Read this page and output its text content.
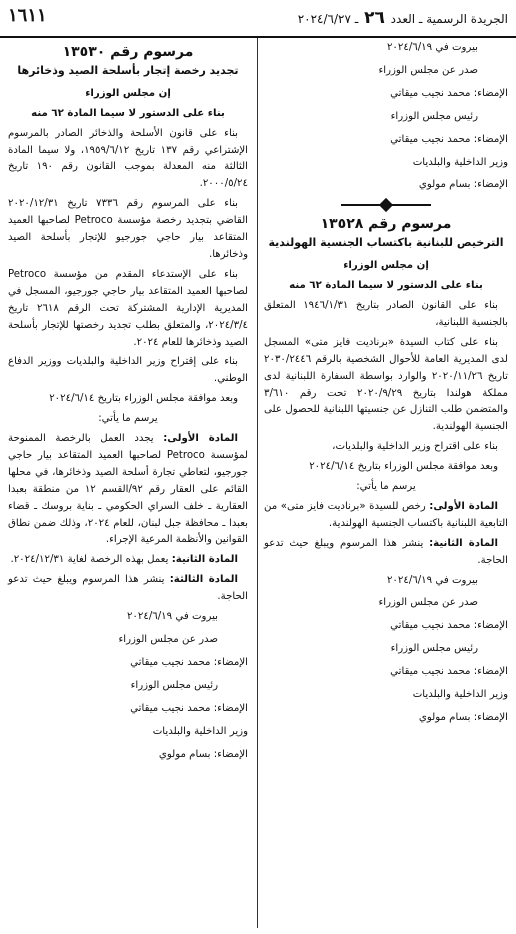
الجريدة الرسمية ـ العدد ٢٦ ـ ٢٠٢٤/٦/٢٧
١٦١١

بيروت في ٢٠٢٤/٦/١٩

صدر عن مجلس الوزراء

الإمضاء: محمد نجيب ميقاتي

رئيس مجلس الوزراء

الإمضاء: محمد نجيب ميقاتي

وزير الداخلية والبلديات

الإمضاء: بسام مولوي

مرسوم رقم ١٣٥٢٨
الترخيص للبنانية باكتساب الجنسية الهولندية

إن مجلس الوزراء

بناء على الدستور لا سيما المادة ٦٢ منه

بناء على القانون الصادر بتاريخ ١٩٤٦/١/٣١ المتعلق بالجنسية اللبنانية،

بناء على كتاب السيدة «برنادیت فایز متى» المسجل لدى المديرية العامة للأحوال الشخصية بالرقم ٢٠٣٠/٢٤٤٦ تاريخ ٢٠٢٠/١١/٢٦ والوارد بواسطة السفارة اللبنانية لدى مملكة هولندا بتاريخ ٢٠٢٠/٩/٢٩ تحت رقم ٣/٦١٠ والمتضمن طلب التنازل عن جنسيتها اللبنانية للحصول على الجنسية الهولندية.

بناء على اقتراح وزير الداخلية والبلديات،

وبعد موافقة مجلس الوزراء بتاريخ ٢٠٢٤/٦/١٤

يرسم ما يأتي:

المادة الأولى: رخص للسيدة «برنادیت فایز متى» من التابعية اللبنانية باكتساب الجنسية الهولندية.

المادة الثانية: ينشر هذا المرسوم ويبلغ حيث تدعو الحاجة.

بيروت في ٢٠٢٤/٦/١٩

صدر عن مجلس الوزراء

الإمضاء: محمد نجيب ميقاتي

رئيس مجلس الوزراء

الإمضاء: محمد نجيب ميقاتي

وزير الداخلية والبلديات

الإمضاء: بسام مولوي

مرسوم رقم ١٣٥٣٠
تجديد رخصة إتجار بأسلحة الصيد وذخائرها

إن مجلس الوزراء

بناء على الدستور لا سيما المادة ٦٢ منه

بناء على قانون الأسلحة والذخائر الصادر بالمرسوم الإشتراعي رقم ١٣٧ تاريخ ١٩٥٩/٦/١٢، ولا سيما المادة الثالثة منه المعدلة بموجب القانون رقم ١٩٠ تاريخ ٢٠٠٠/٥/٢٤.

بناء على المرسوم رقم ٧٣٣٦ تاريخ ٢٠٢٠/١٢/٣١ القاضي بتجديد رخصة مؤسسة Petroco لصاحبها العميد المتقاعد بيار حاجي جورجيو للإتجار بأسلحة الصيد وذخائرها.

بناء على الإستدعاء المقدم من مؤسسة Petroco لصاحبها العميد المتقاعد بيار حاجي جورجيو، المسجل في المديرية الإدارية المشتركة تحت الرقم ٢٦١٨ تاريخ ٢٠٢٤/٣/٤، والمتعلق بطلب تجديد رخصتها للإتجار بأسلحة الصيد وذخائرها للعام ٢٠٢٤.

بناء على إقتراح وزير الداخلية والبلديات ووزير الدفاع الوطني.

وبعد موافقة مجلس الوزراء بتاريخ ٢٠٢٤/٦/١٤

يرسم ما يأتي:

المادة الأولى: يجدد العمل بالرخصة الممنوحة لمؤسسة Petroco لصاحبها العميد المتقاعد بيار حاجي جورجيو، لتعاطي تجارة أسلحة الصيد وذخائرها، في محلها القائم على العقار رقم ٩٢/القسم ١٢ من منطقة بعبدا العقارية ـ خلف السراي الحكومي ـ بناية بروسك ـ قضاء بعبدا ـ محافظة جبل لبنان، للعام ٢٠٢٤، وذلك ضمن نطاق القوانين والأنظمة المرعية الإجراء.

المادة الثانية: يعمل بهذه الرخصة لغاية ٢٠٢٤/١٢/٣١.

المادة الثالثة: ينشر هذا المرسوم ويبلغ حيث تدعو الحاجة.

بيروت في ٢٠٢٤/٦/١٩

صدر عن مجلس الوزراء

الإمضاء: محمد نجيب ميقاتي

رئيس مجلس الوزراء

الإمضاء: محمد نجيب ميقاتي

وزير الداخلية والبلديات

الإمضاء: بسام مولوي
